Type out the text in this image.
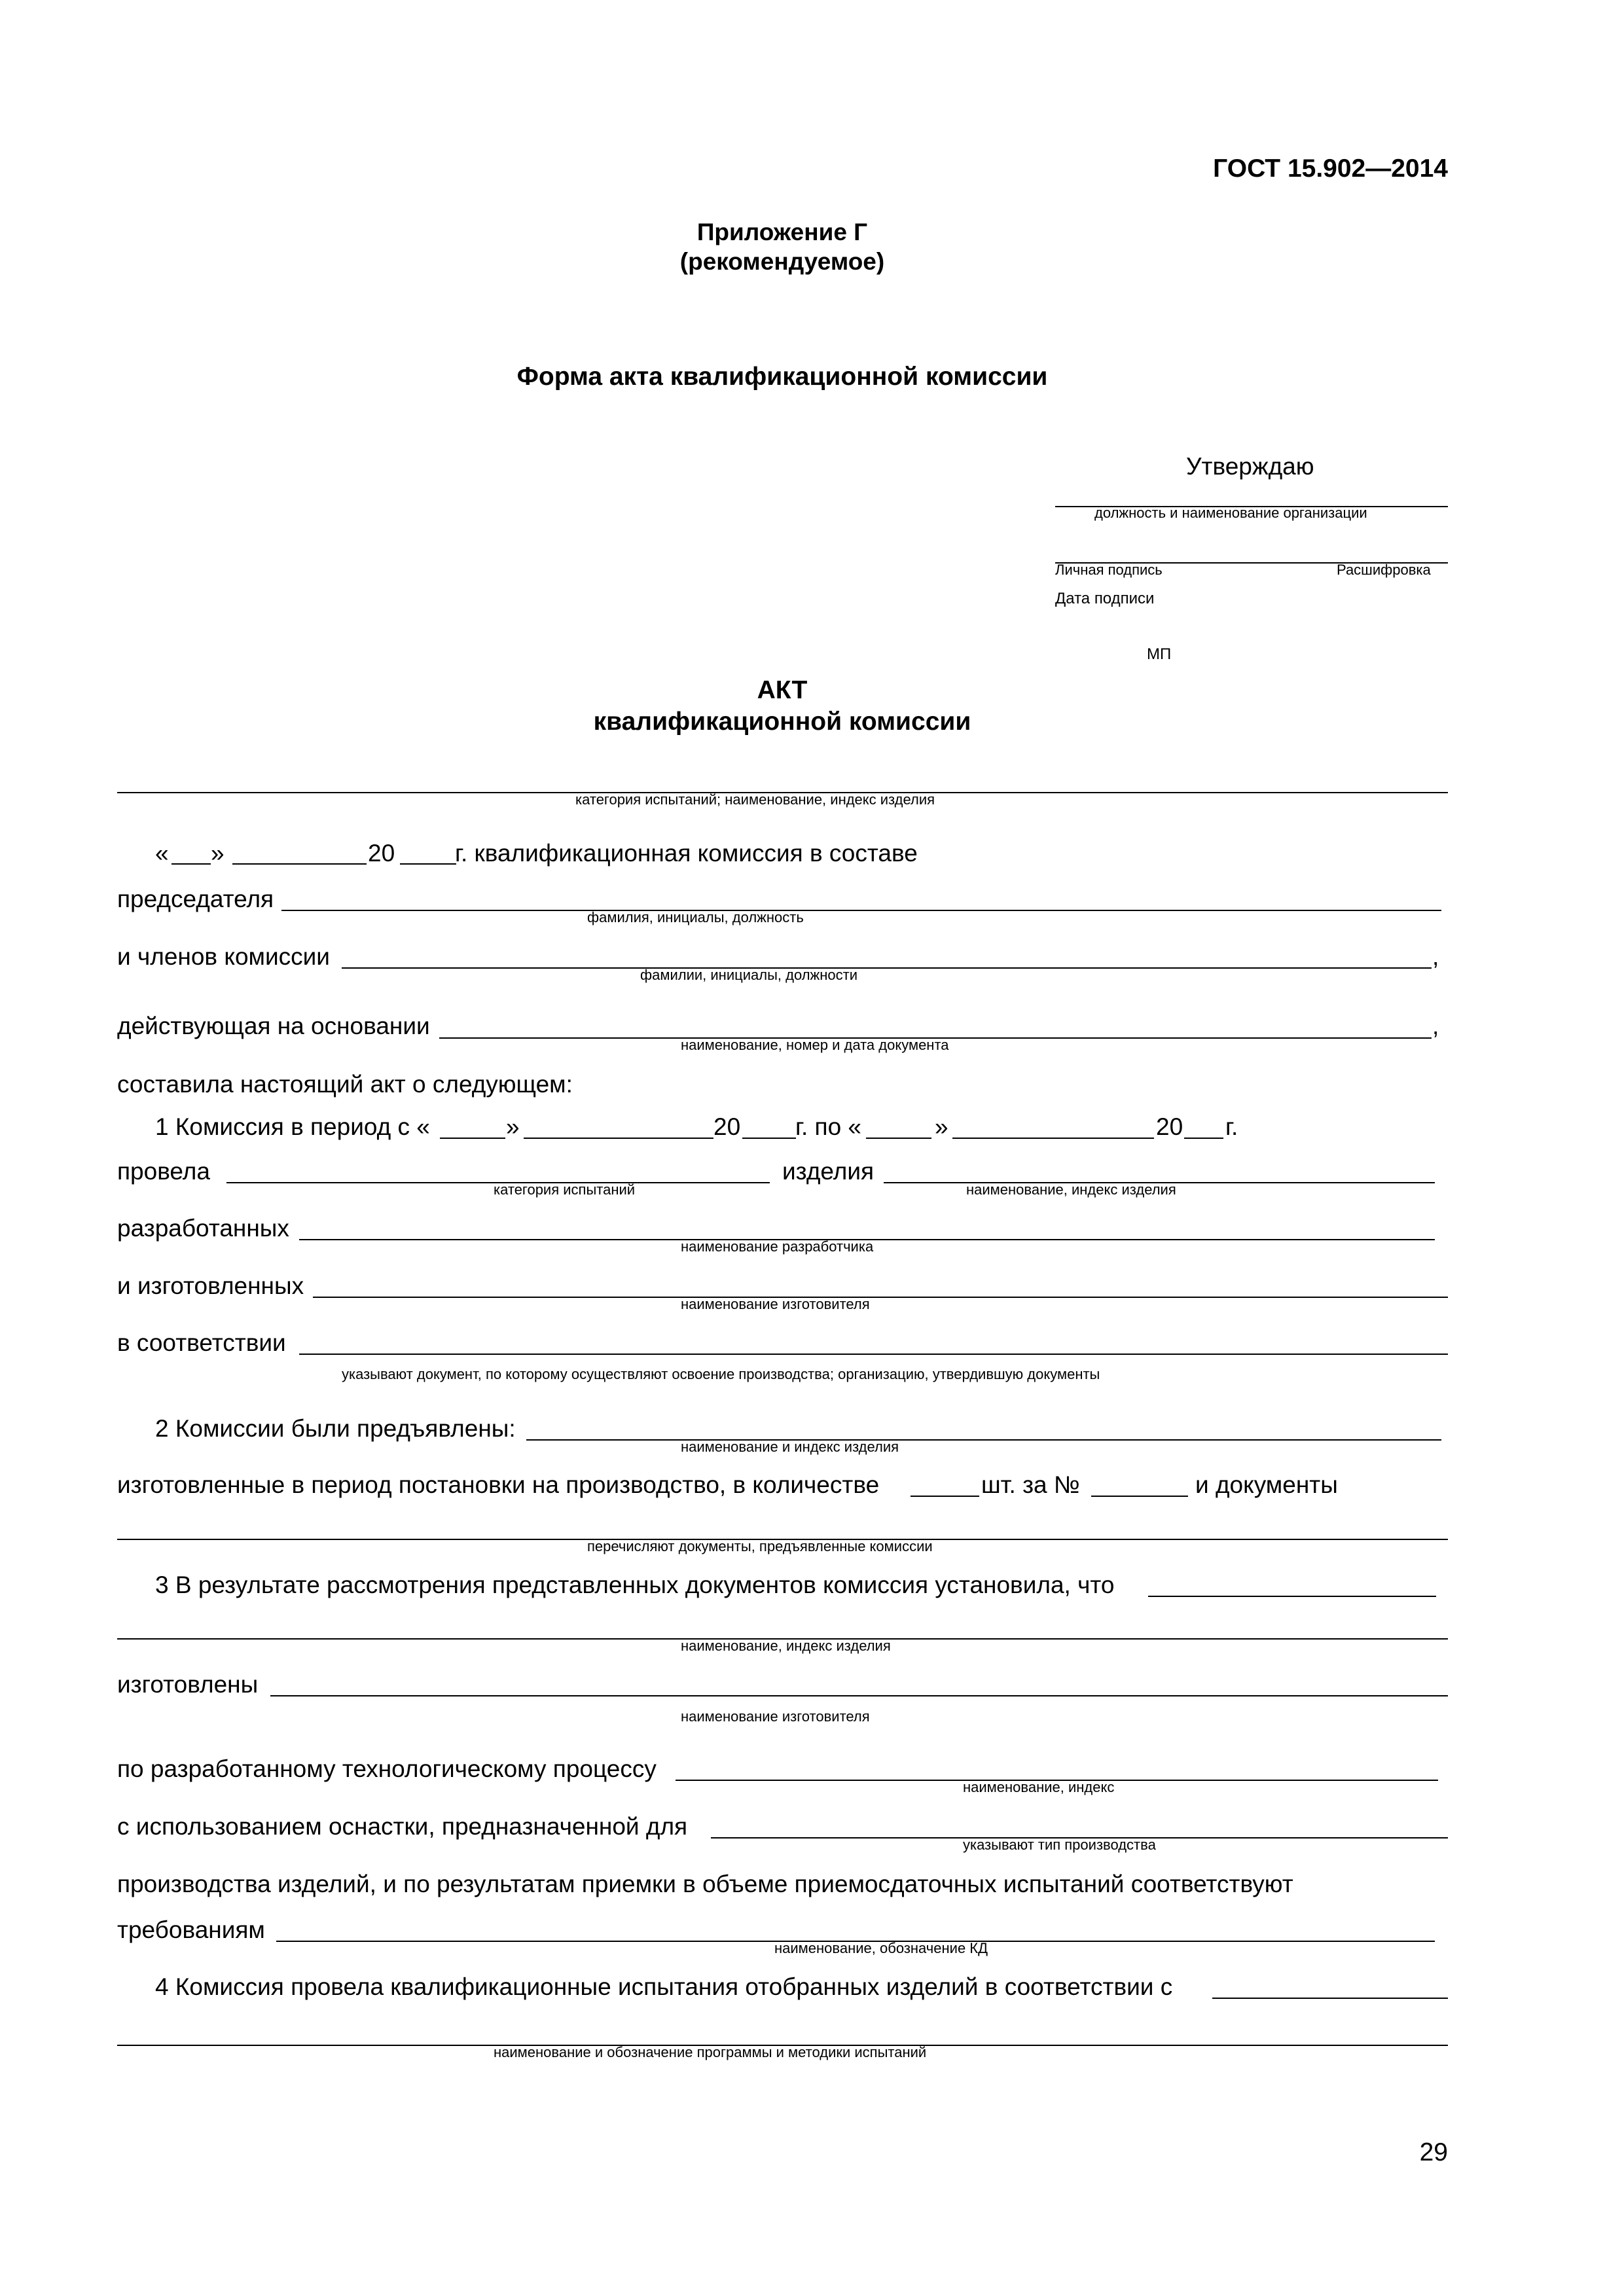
ГОСТ 15.902—2014
Приложение Г
(рекомендуемое)
Форма акта квалификационной комиссии
Утверждаю
должность и наименование организации
Личная подпись	Расшифровка
Дата подписи
МП
АКТ
квалификационной комиссии
категория испытаний; наименование, индекс изделия
« »	20 г. квалификационная комиссия в составе
председателя
фамилия, инициалы, должность
и членов комиссии	,
фамилии, инициалы, должности
действующая на основании	,
наименование, номер и дата документа
составила настоящий акт о следующем:
1 Комиссия в период с «	»	20 г. по «	»	20 г.
провела
категория испытаний
изделия
наименование, индекс изделия
разработанных
наименование разработчика
и изготовленных
наименование изготовителя
в соответствии
указывают документ, по которому осуществляют освоение производства; организацию, утвердившую документы
2 Комиссии были предъявлены:
наименование и индекс изделия
изготовленные в период постановки на производство, в количестве	шт. за №	и документы
перечисляют документы, предъявленные комиссии
3 В результате рассмотрения представленных документов комиссия установила, что
наименование, индекс изделия
изготовлены
наименование изготовителя
по разработанному технологическому процессу
наименование, индекс
с использованием оснастки, предназначенной для
указывают тип производства
производства изделий, и по результатам приемки в объеме приемосдаточных испытаний соответствуют
требованиям
наименование, обозначение КД
4 Комиссия провела квалификационные испытания отобранных изделий в соответствии с
наименование и обозначение программы и методики испытаний
29
